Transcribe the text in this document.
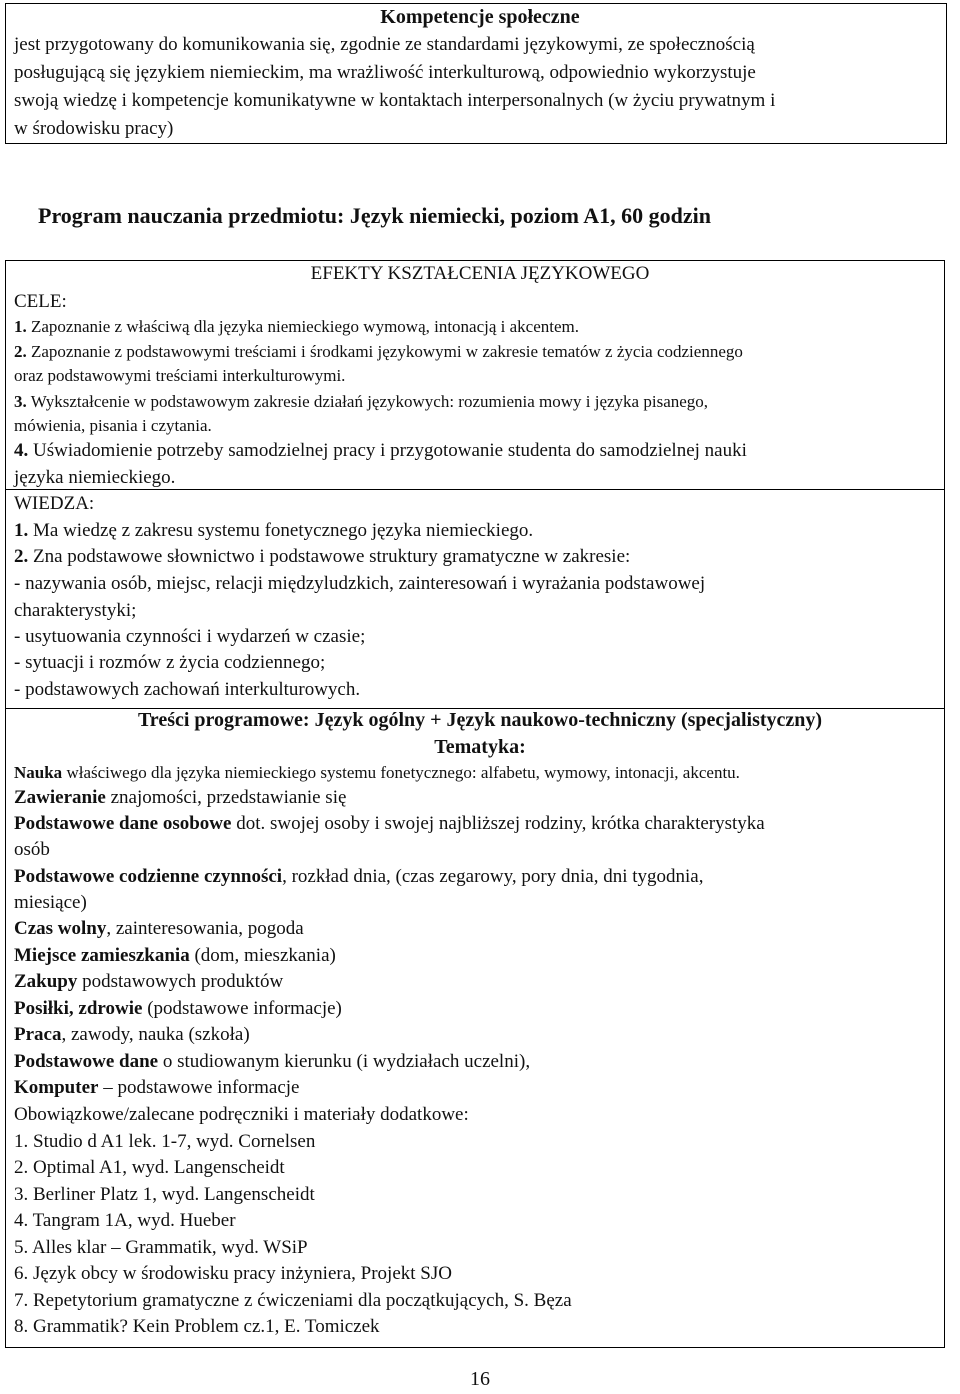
Kompetencje społeczne
jest przygotowany do komunikowania się, zgodnie ze standardami językowymi, ze społecznością
posługującą się językiem niemieckim, ma wrażliwość interkulturową, odpowiednio wykorzystuje
swoją wiedzę i kompetencje komunikatywne w kontaktach interpersonalnych (w życiu prywatnym i
w środowisku pracy)
Program nauczania przedmiotu: Język niemiecki, poziom A1, 60 godzin
EFEKTY KSZTAŁCENIA JĘZYKOWEGO
CELE:
1. Zapoznanie z właściwą dla języka niemieckiego wymową, intonacją i akcentem.
2. Zapoznanie z podstawowymi treściami i środkami językowymi w zakresie tematów z życia codziennego
oraz podstawowymi treściami interkulturowymi.
3. Wykształcenie w podstawowym zakresie działań językowych: rozumienia mowy i języka pisanego,
mówienia, pisania i czytania.
4. Uświadomienie potrzeby samodzielnej pracy i przygotowanie studenta do samodzielnej nauki
języka niemieckiego.
WIEDZA:
1. Ma wiedzę z zakresu systemu fonetycznego języka niemieckiego.
2. Zna podstawowe słownictwo i podstawowe struktury gramatyczne w zakresie:
- nazywania osób, miejsc, relacji międzyludzkich, zainteresowań i wyrażania podstawowej
charakterystyki;
- usytuowania czynności i wydarzeń w czasie;
- sytuacji i rozmów z życia codziennego;
- podstawowych zachowań interkulturowych.
Treści programowe: Język ogólny + Język naukowo-techniczny (specjalistyczny)
Tematyka:
Nauka właściwego dla języka niemieckiego systemu fonetycznego: alfabetu, wymowy, intonacji, akcentu.
Zawieranie znajomości, przedstawianie się
Podstawowe dane osobowe dot. swojej osoby i swojej najbliższej rodziny, krótka charakterystyka
osób
Podstawowe codzienne czynności, rozkład dnia, (czas zegarowy, pory dnia, dni tygodnia,
miesiące)
Czas wolny, zainteresowania, pogoda
Miejsce zamieszkania (dom, mieszkania)
Zakupy podstawowych produktów
Posiłki, zdrowie (podstawowe informacje)
Praca, zawody, nauka (szkoła)
Podstawowe dane o studiowanym kierunku (i wydziałach uczelni),
Komputer – podstawowe informacje
Obowiązkowe/zalecane podręczniki i materiały dodatkowe:
1. Studio d A1 lek. 1-7, wyd. Cornelsen
2. Optimal A1, wyd. Langenscheidt
3. Berliner Platz 1, wyd. Langenscheidt
4. Tangram 1A, wyd. Hueber
5. Alles klar – Grammatik, wyd. WSiP
6. Język obcy w środowisku pracy inżyniera, Projekt SJO
7. Repetytorium gramatyczne z ćwiczeniami dla początkujących, S. Bęza
8. Grammatik? Kein Problem cz.1, E. Tomiczek
16
